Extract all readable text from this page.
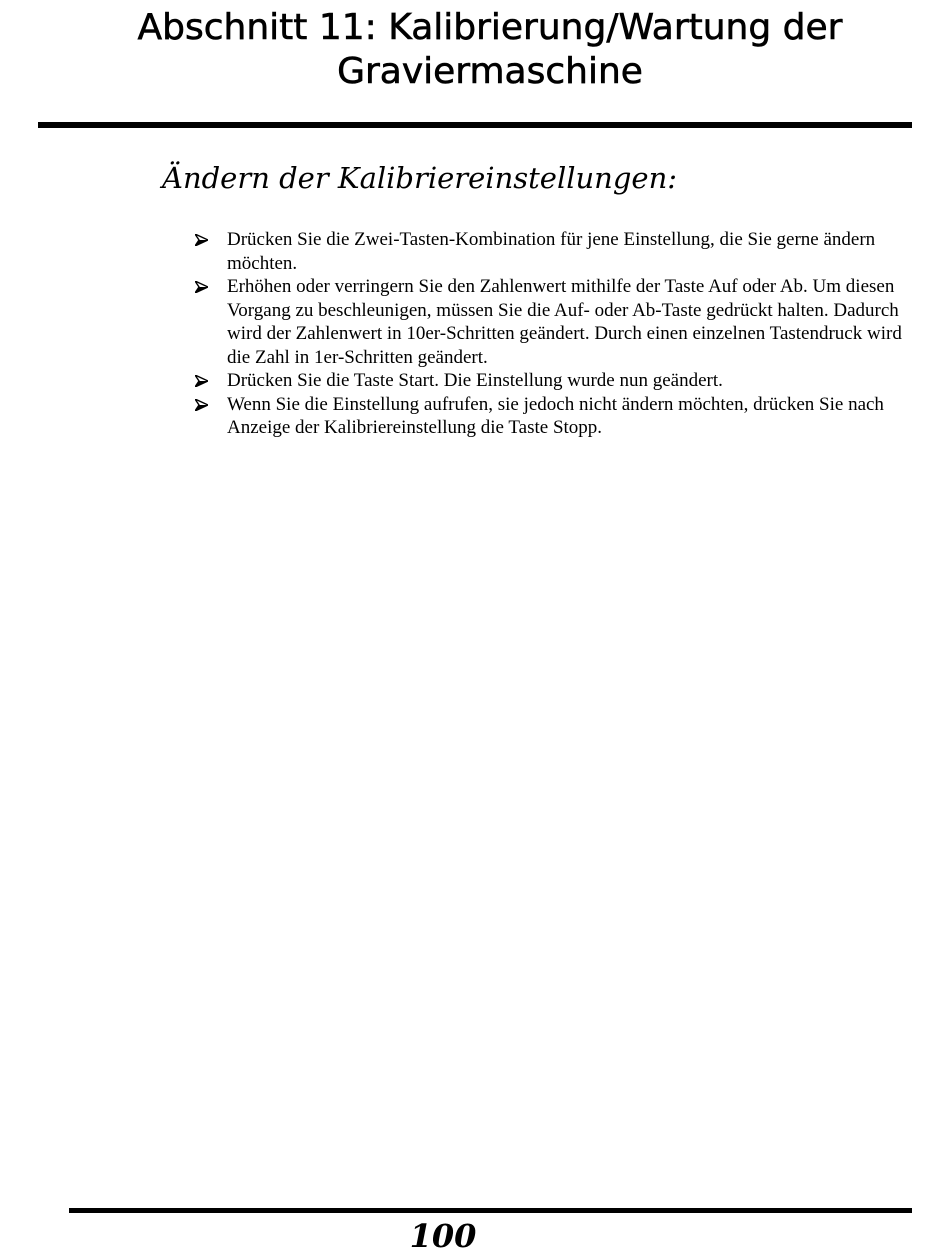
Abschnitt 11: Kalibrierung/Wartung der
Graviermaschine
Ändern der Kalibriereinstellungen:
Drücken Sie die Zwei-Tasten-Kombination für jene Einstellung, die Sie gerne ändern möchten.
Erhöhen oder verringern Sie den Zahlenwert mithilfe der Taste Auf oder Ab. Um diesen Vorgang zu beschleunigen, müssen Sie die Auf- oder Ab-Taste gedrückt halten. Dadurch wird der Zahlenwert in 10er-Schritten geändert. Durch einen einzelnen Tastendruck wird die Zahl in 1er-Schritten geändert.
Drücken Sie die Taste Start. Die Einstellung wurde nun geändert.
Wenn Sie die Einstellung aufrufen, sie jedoch nicht ändern möchten, drücken Sie nach Anzeige der Kalibriereinstellung die Taste Stopp.
100
